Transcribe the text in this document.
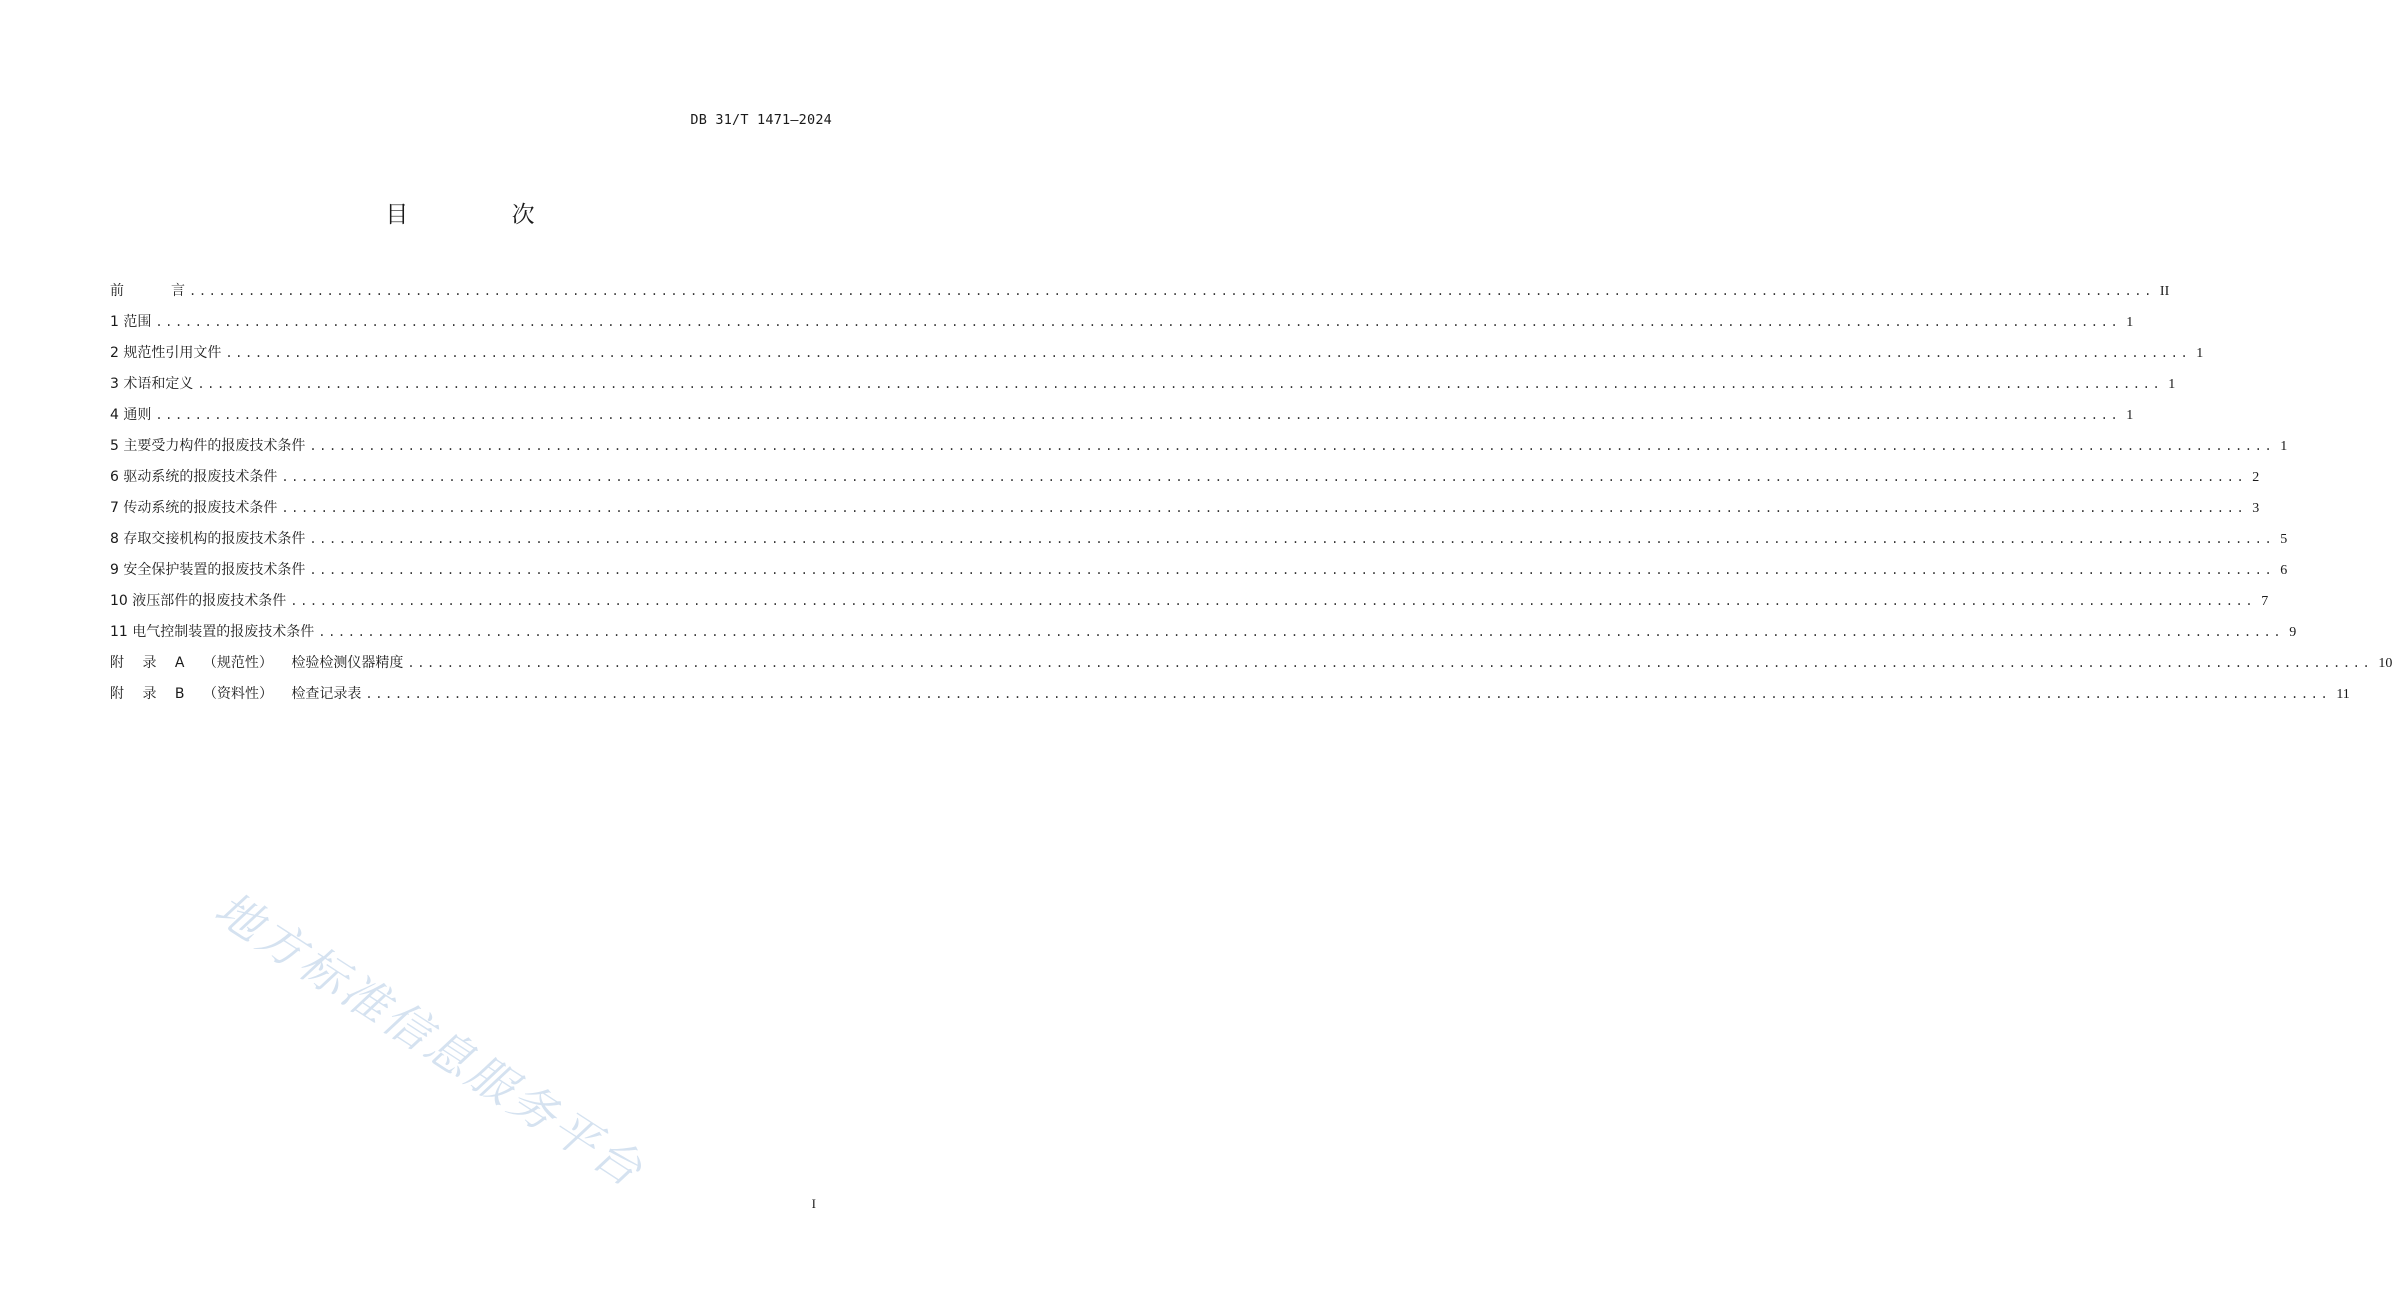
DB 31/T 1471—2024
目 次
前	言 ........................................................................................................................................................................................................ II
1 范围 ........................................................................................................................................................................................................ 1
2 规范性引用文件 ........................................................................................................................................................................................................ 1
3 术语和定义 ........................................................................................................................................................................................................ 1
4 通则 ........................................................................................................................................................................................................ 1
5 主要受力构件的报废技术条件 ........................................................................................................................................................................................................ 1
6 驱动系统的报废技术条件 ........................................................................................................................................................................................................ 2
7 传动系统的报废技术条件 ........................................................................................................................................................................................................ 3
8 存取交接机构的报废技术条件 ........................................................................................................................................................................................................ 5
9 安全保护装置的报废技术条件 ........................................................................................................................................................................................................ 6
10 液压部件的报废技术条件 ........................................................................................................................................................................................................ 7
11 电气控制装置的报废技术条件 ........................................................................................................................................................................................................ 9
附 录 A （规范性） 检验检测仪器精度 ........................................................................................................................................................................................................ 10
附 录 B （资料性） 检查记录表 ........................................................................................................................................................................................................ 11
地方标准信息服务平台
I
